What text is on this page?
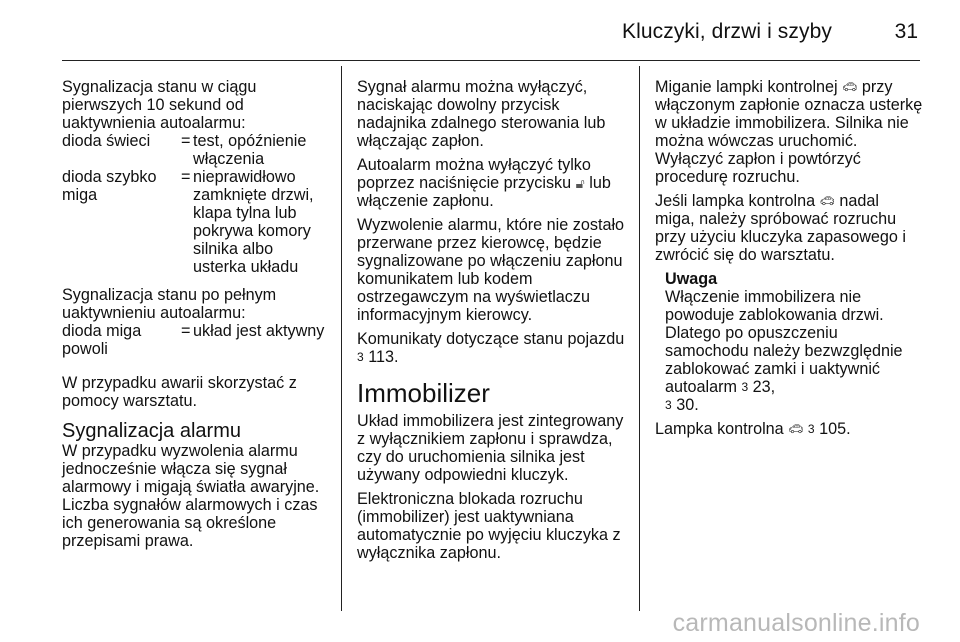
Kluczyki, drzwi i szyby	31

Sygnalizacja stanu w ciągu pierwszych 10 sekund od uaktywnienia autoalarmu:

dioda świeci	= test, opóźnienie włączenia
dioda szybko miga
= nieprawidłowo zamknięte drzwi, klapa tylna lub pokrywa komory silnika albo usterka układu

Sygnalizacja stanu po pełnym uaktywnieniu autoalarmu:

dioda miga powoli
= układ jest aktywny

W przypadku awarii skorzystać z pomocy warsztatu.

Sygnalizacja alarmu

W przypadku wyzwolenia alarmu jednocześnie włącza się sygnał alarmowy i migają światła awaryjne. Liczba sygnałów alarmowych i czas ich generowania są określone przepisami prawa.

Sygnał alarmu można wyłączyć, naciskając dowolny przycisk nadajnika zdalnego sterowania lub włączając zapłon.

Autoalarm można wyłączyć tylko poprzez naciśnięcie przycisku 🔓︎ lub włączenie zapłonu.

Wyzwolenie alarmu, które nie zostało przerwane przez kierowcę, będzie sygnalizowane po włączeniu zapłonu komunikatem lub kodem ostrzegawczym na wyświetlaczu informacyjnym kierowcy.

Komunikaty dotyczące stanu pojazdu 3 113.

Immobilizer

Układ immobilizera jest zintegrowany z wyłącznikiem zapłonu i sprawdza, czy do uruchomienia silnika jest używany odpowiedni kluczyk.

Elektroniczna blokada rozruchu (immobilizer) jest uaktywniana automatycznie po wyjęciu kluczyka z wyłącznika zapłonu.

Miganie lampki kontrolnej 🚗︎ przy włączonym zapłonie oznacza usterkę w układzie immobilizera. Silnika nie można wówczas uruchomić.

Wyłączyć zapłon i powtórzyć procedurę rozruchu.

Jeśli lampka kontrolna 🚗︎ nadal miga, należy spróbować rozruchu przy użyciu kluczyka zapasowego i zwrócić się do warsztatu.

Uwaga
Włączenie immobilizera nie powoduje zablokowania drzwi. Dlatego po opuszczeniu samochodu należy bezwzględnie zablokować zamki i uaktywnić autoalarm 3 23,
3 30.

Lampka kontrolna 🚗︎ 3 105.

carmanualsonline.info
